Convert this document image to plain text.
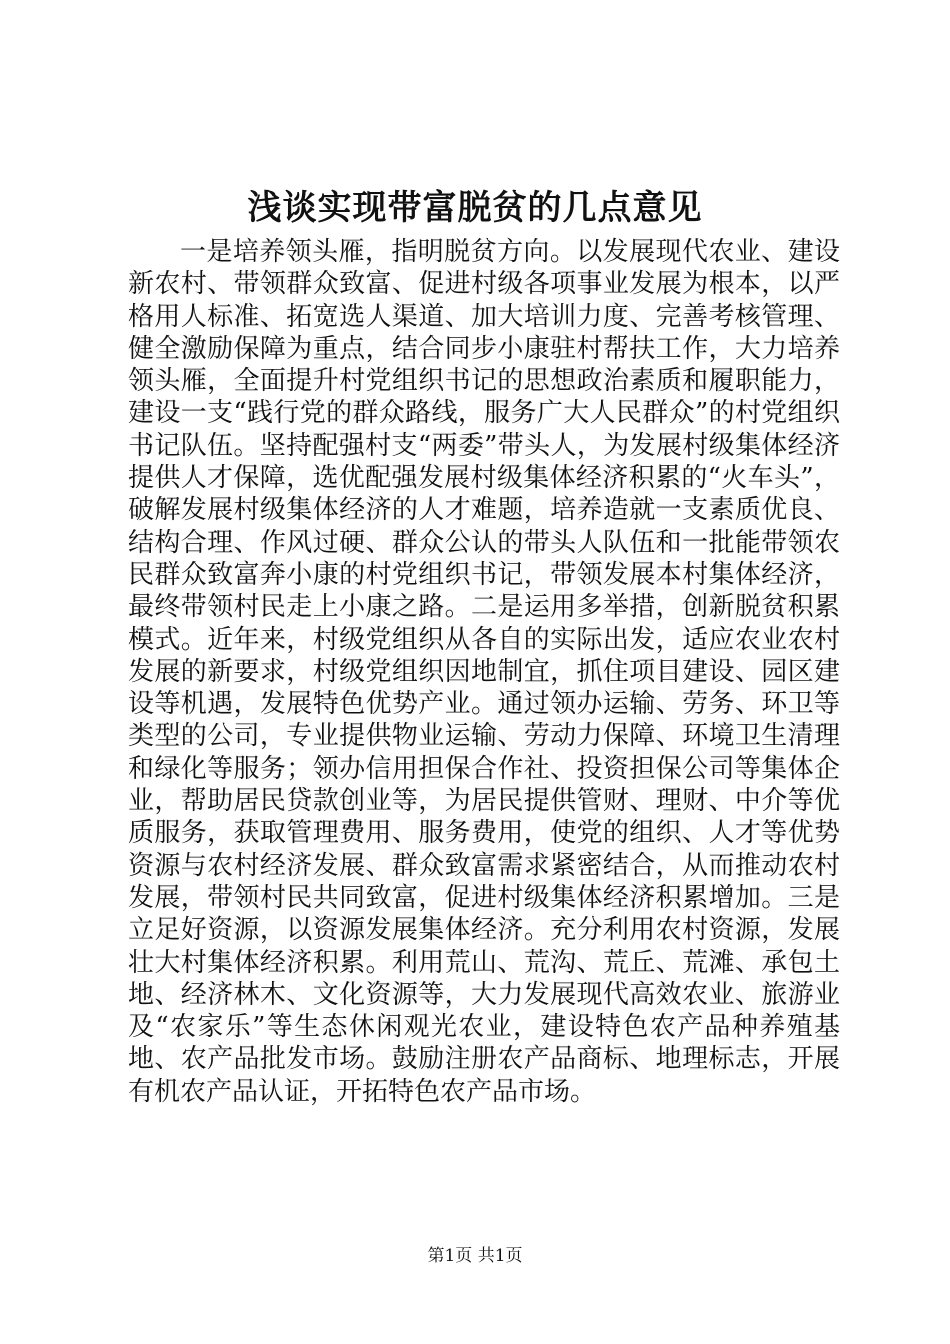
浅谈实现带富脱贫的几点意见

一是培养领头雁，指明脱贫方向。以发展现代农业、建设新农村、带领群众致富、促进村级各项事业发展为根本，以严格用人标准、拓宽选人渠道、加大培训力度、完善考核管理、健全激励保障为重点，结合同步小康驻村帮扶工作，大力培养领头雁，全面提升村党组织书记的思想政治素质和履职能力，建设一支“践行党的群众路线，服务广大人民群众”的村党组织书记队伍。坚持配强村支“两委”带头人，为发展村级集体经济提供人才保障，选优配强发展村级集体经济积累的“火车头”，破解发展村级集体经济的人才难题，培养造就一支素质优良、结构合理、作风过硬、群众公认的带头人队伍和一批能带领农民群众致富奔小康的村党组织书记，带领发展本村集体经济，最终带领村民走上小康之路。二是运用多举措，创新脱贫积累模式。近年来，村级党组织从各自的实际出发，适应农业农村发展的新要求，村级党组织因地制宜，抓住项目建设、园区建设等机遇，发展特色优势产业。通过领办运输、劳务、环卫等类型的公司，专业提供物业运输、劳动力保障、环境卫生清理和绿化等服务；领办信用担保合作社、投资担保公司等集体企业，帮助居民贷款创业等，为居民提供管财、理财、中介等优质服务，获取管理费用、服务费用，使党的组织、人才等优势资源与农村经济发展、群众致富需求紧密结合，从而推动农村发展，带领村民共同致富，促进村级集体经济积累增加。三是立足好资源，以资源发展集体经济。充分利用农村资源，发展壮大村集体经济积累。利用荒山、荒沟、荒丘、荒滩、承包土地、经济林木、文化资源等，大力发展现代高效农业、旅游业及“农家乐”等生态休闲观光农业，建设特色农产品种养殖基地、农产品批发市场。鼓励注册农产品商标、地理标志，开展有机农产品认证，开拓特色农产品市场。

第1页 共1页
